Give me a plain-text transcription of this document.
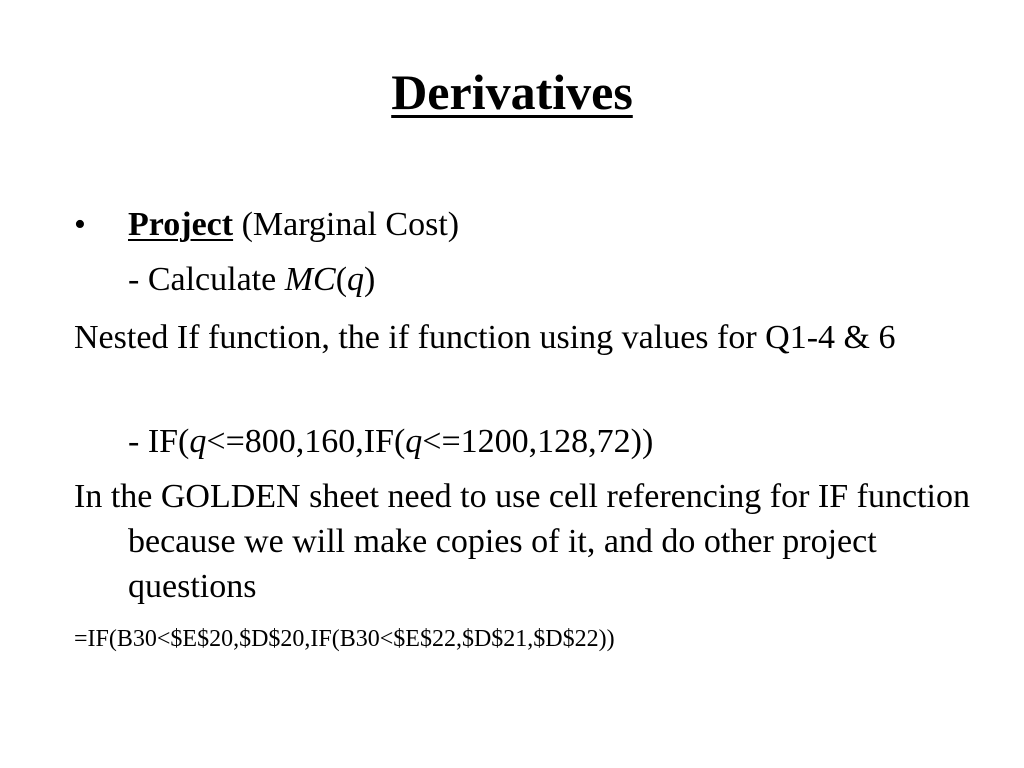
Derivatives
• Project (Marginal Cost)
- Calculate MC(q)
Nested If function, the if function using values for Q1-4 & 6
- IF(q<=800,160,IF(q<=1200,128,72))
In the GOLDEN sheet need to use cell referencing for IF function because we will make copies of it, and do other project questions
=IF(B30<$E$20,$D$20,IF(B30<$E$22,$D$21,$D$22))
